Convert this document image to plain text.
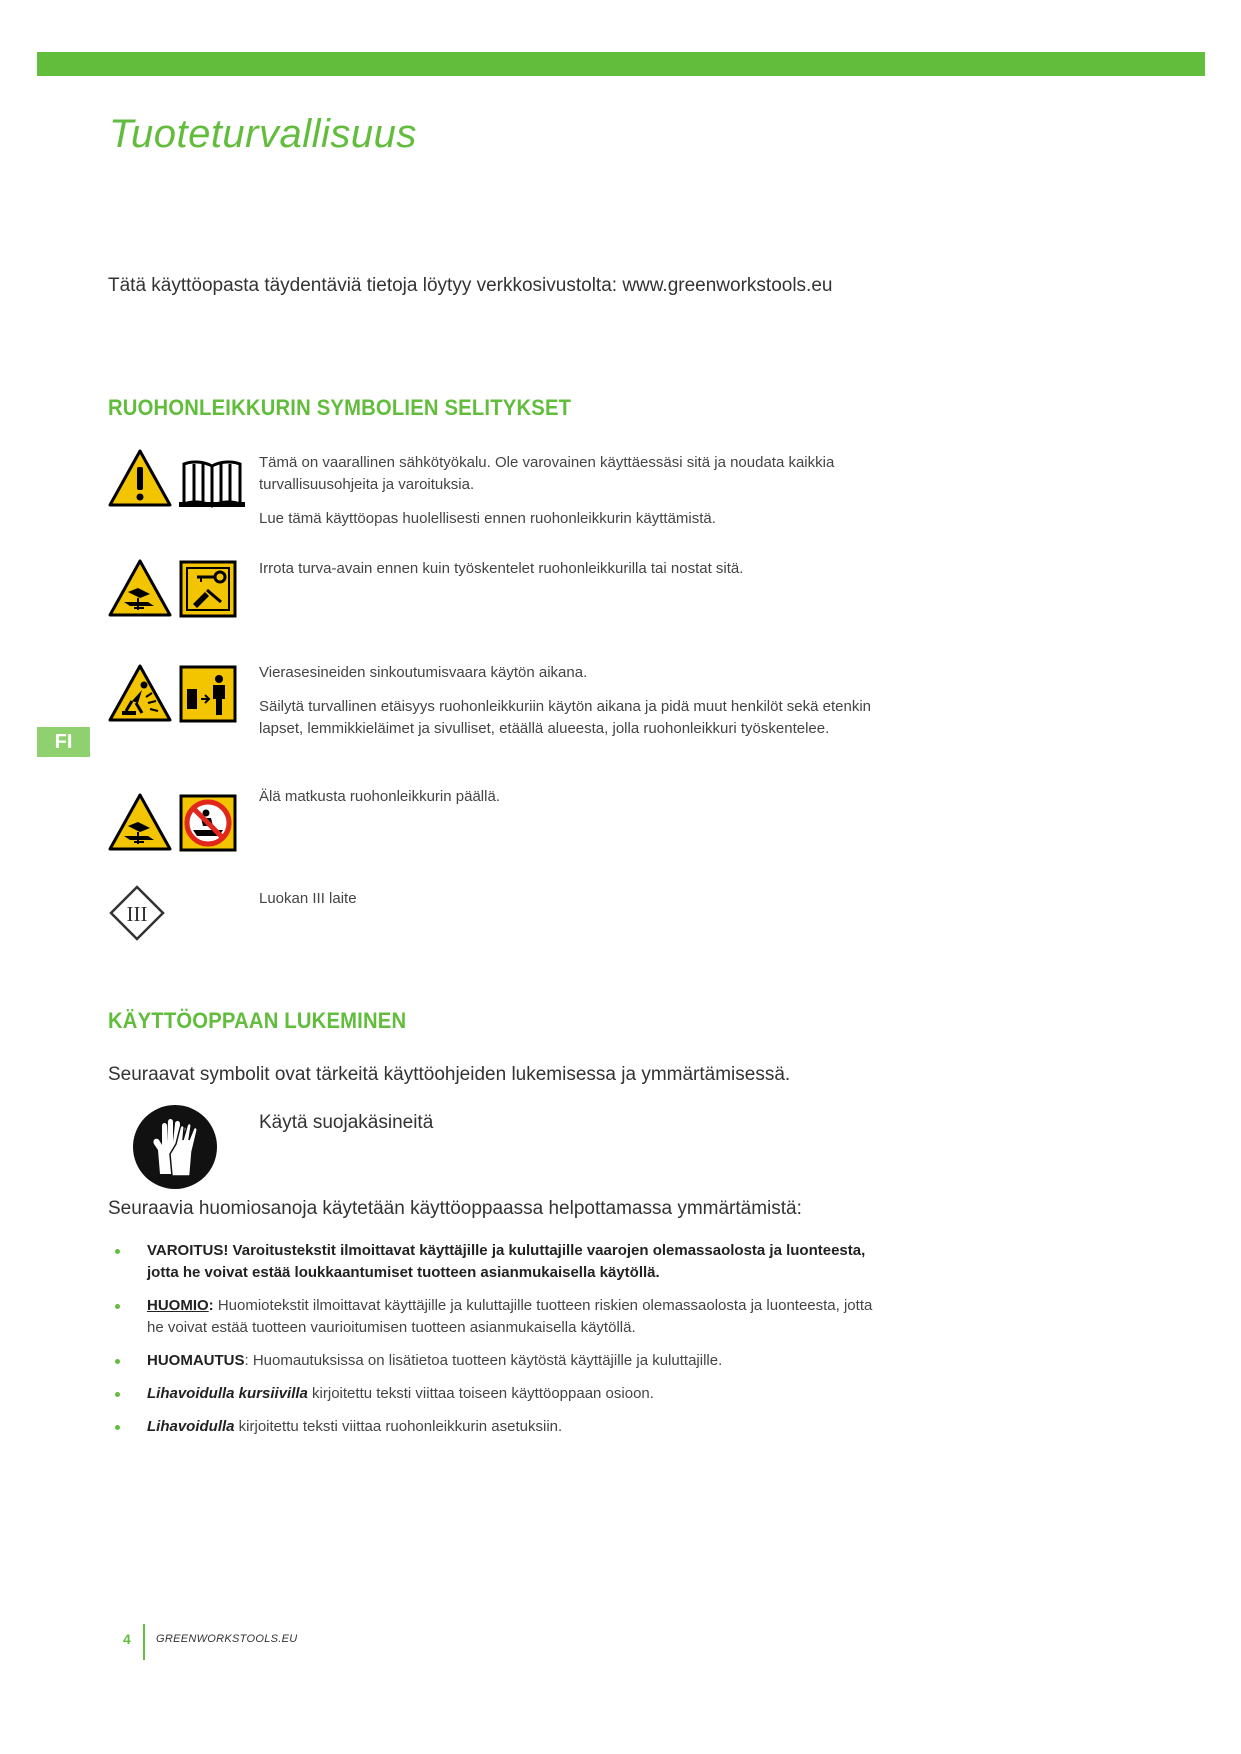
Tuoteturvallisuus

Tätä käyttöopasta täydentäviä tietoja löytyy verkkosivustolta: www.greenworkstools.eu

RUOHONLEIKKURIN SYMBOLIEN SELITYKSET
FI

Tämä on vaarallinen sähkötyökalu. Ole varovainen käyttäessäsi sitä ja noudata kaikkia turvallisuusohjeita ja varoituksia.

Lue tämä käyttöopas huolellisesti ennen ruohonleikkurin käyttämistä.

Irrota turva-avain ennen kuin työskentelet ruohonleikkurilla tai nostat sitä.

Vierasesineiden sinkoutumisvaara käytön aikana.

Säilytä turvallinen etäisyys ruohonleikkuriin käytön aikana ja pidä muut henkilöt sekä etenkin lapset, lemmikkieläimet ja sivulliset, etäällä alueesta, jolla ruohonleikkuri työskentelee.

Älä matkusta ruohonleikkurin päällä.

III

Luokan III laite

KÄYTTÖOPPAAN LUKEMINEN

Seuraavat symbolit ovat tärkeitä käyttöohjeiden lukemisessa ja ymmärtämisessä.

Käytä suojakäsineitä

Seuraavia huomiosanoja käytetään käyttöoppaassa helpottamassa ymmärtämistä:

VAROITUS! Varoitustekstit ilmoittavat käyttäjille ja kuluttajille vaarojen olemassaolosta ja luonteesta, jotta he voivat estää loukkaantumiset tuotteen asianmukaisella käytöllä.
HUOMIO: Huomiotekstit ilmoittavat käyttäjille ja kuluttajille tuotteen riskien olemassaolosta ja luonteesta, jotta he voivat estää tuotteen vaurioitumisen tuotteen asianmukaisella käytöllä.
HUOMAUTUS: Huomautuksissa on lisätietoa tuotteen käytöstä käyttäjille ja kuluttajille.
Lihavoidulla kursiivilla kirjoitettu teksti viittaa toiseen käyttöoppaan osioon.
Lihavoidulla kirjoitettu teksti viittaa ruohonleikkurin asetuksiin.
4 GREENWORKSTOOLS.EU
